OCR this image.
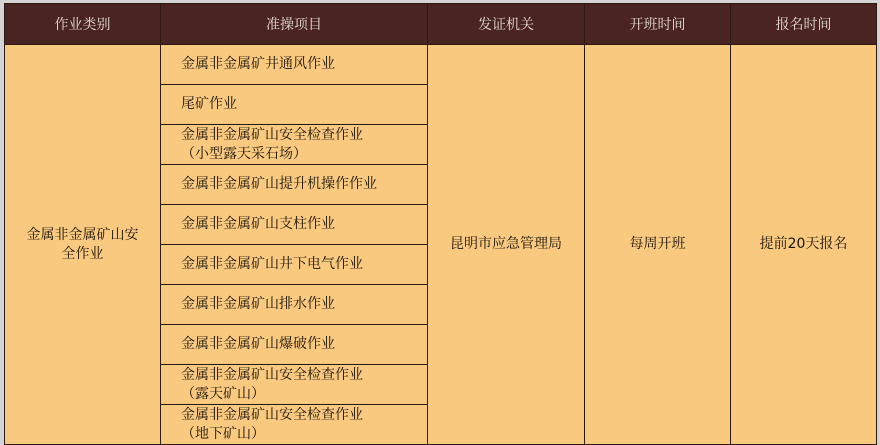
作业类别	准操项目	发证机关	开班时间	报名时间
金属非金属矿山安全作业	金属非金属矿井通风作业	昆明市应急管理局	每周开班	提前20天报名

	尾矿作业			

	金属非金属矿山安全检查作业（小型露天采石场）			

	金属非金属矿山提升机操作作业			

	金属非金属矿山支柱作业			

	金属非金属矿山井下电气作业			

	金属非金属矿山排水作业			

	金属非金属矿山爆破作业			

	金属非金属矿山安全检查作业（露天矿山）			

	金属非金属矿山安全检查作业（地下矿山）			
